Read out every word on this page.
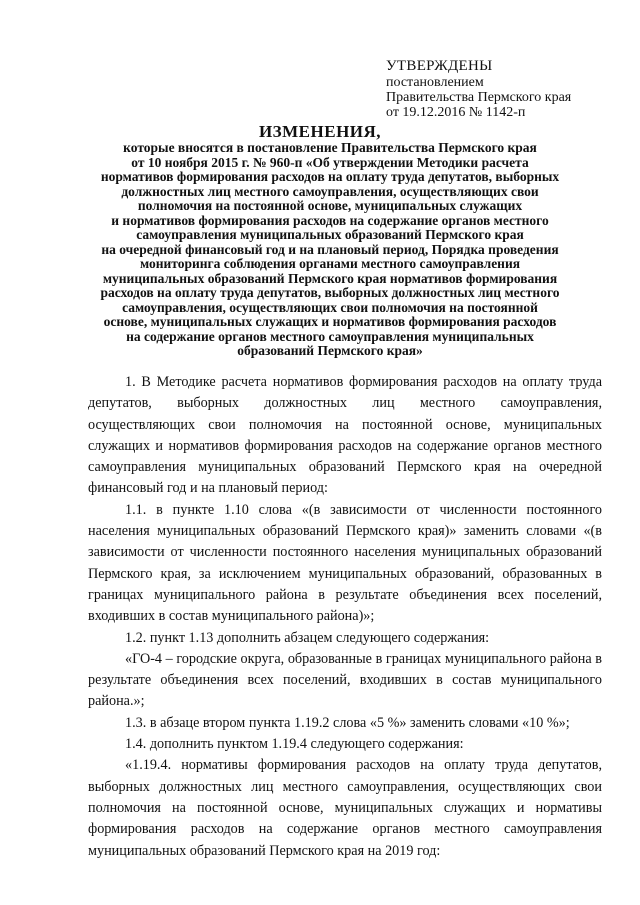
УТВЕРЖДЕНЫ
постановлением
Правительства Пермского края
от 19.12.2016 № 1142-п
ИЗМЕНЕНИЯ,
которые вносятся в постановление Правительства Пермского края
от 10 ноября 2015 г. № 960-п «Об утверждении Методики расчета
нормативов формирования расходов на оплату труда депутатов, выборных
должностных лиц местного самоуправления, осуществляющих свои
полномочия на постоянной основе, муниципальных служащих
и нормативов формирования расходов на содержание органов местного
самоуправления муниципальных образований Пермского края
на очередной финансовый год и на плановый период, Порядка проведения
мониторинга соблюдения органами местного самоуправления
муниципальных образований Пермского края нормативов формирования
расходов на оплату труда депутатов, выборных должностных лиц местного
самоуправления, осуществляющих свои полномочия на постоянной
основе, муниципальных служащих и нормативов формирования расходов
на содержание органов местного самоуправления муниципальных
образований Пермского края»

1. В Методике расчета нормативов формирования расходов на оплату труда депутатов, выборных должностных лиц местного самоуправления, осуществляющих свои полномочия на постоянной основе, муниципальных служащих и нормативов формирования расходов на содержание органов местного самоуправления муниципальных образований Пермского края на очередной финансовый год и на плановый период:

1.1. в пункте 1.10 слова «(в зависимости от численности постоянного населения муниципальных образований Пермского края)» заменить словами «(в зависимости от численности постоянного населения муниципальных образований Пермского края, за исключением муниципальных образований, образованных в границах муниципального района в результате объединения всех поселений, входивших в состав муниципального района)»;

1.2. пункт 1.13 дополнить абзацем следующего содержания:

«ГО-4 – городские округа, образованные в границах муниципального района в результате объединения всех поселений, входивших в состав муниципального района.»;

1.3. в абзаце втором пункта 1.19.2 слова «5 %» заменить словами «10 %»;

1.4. дополнить пунктом 1.19.4 следующего содержания:

«1.19.4. нормативы формирования расходов на оплату труда депутатов, выборных должностных лиц местного самоуправления, осуществляющих свои полномочия на постоянной основе, муниципальных служащих и нормативы формирования расходов на содержание органов местного самоуправления муниципальных образований Пермского края на 2019 год:
